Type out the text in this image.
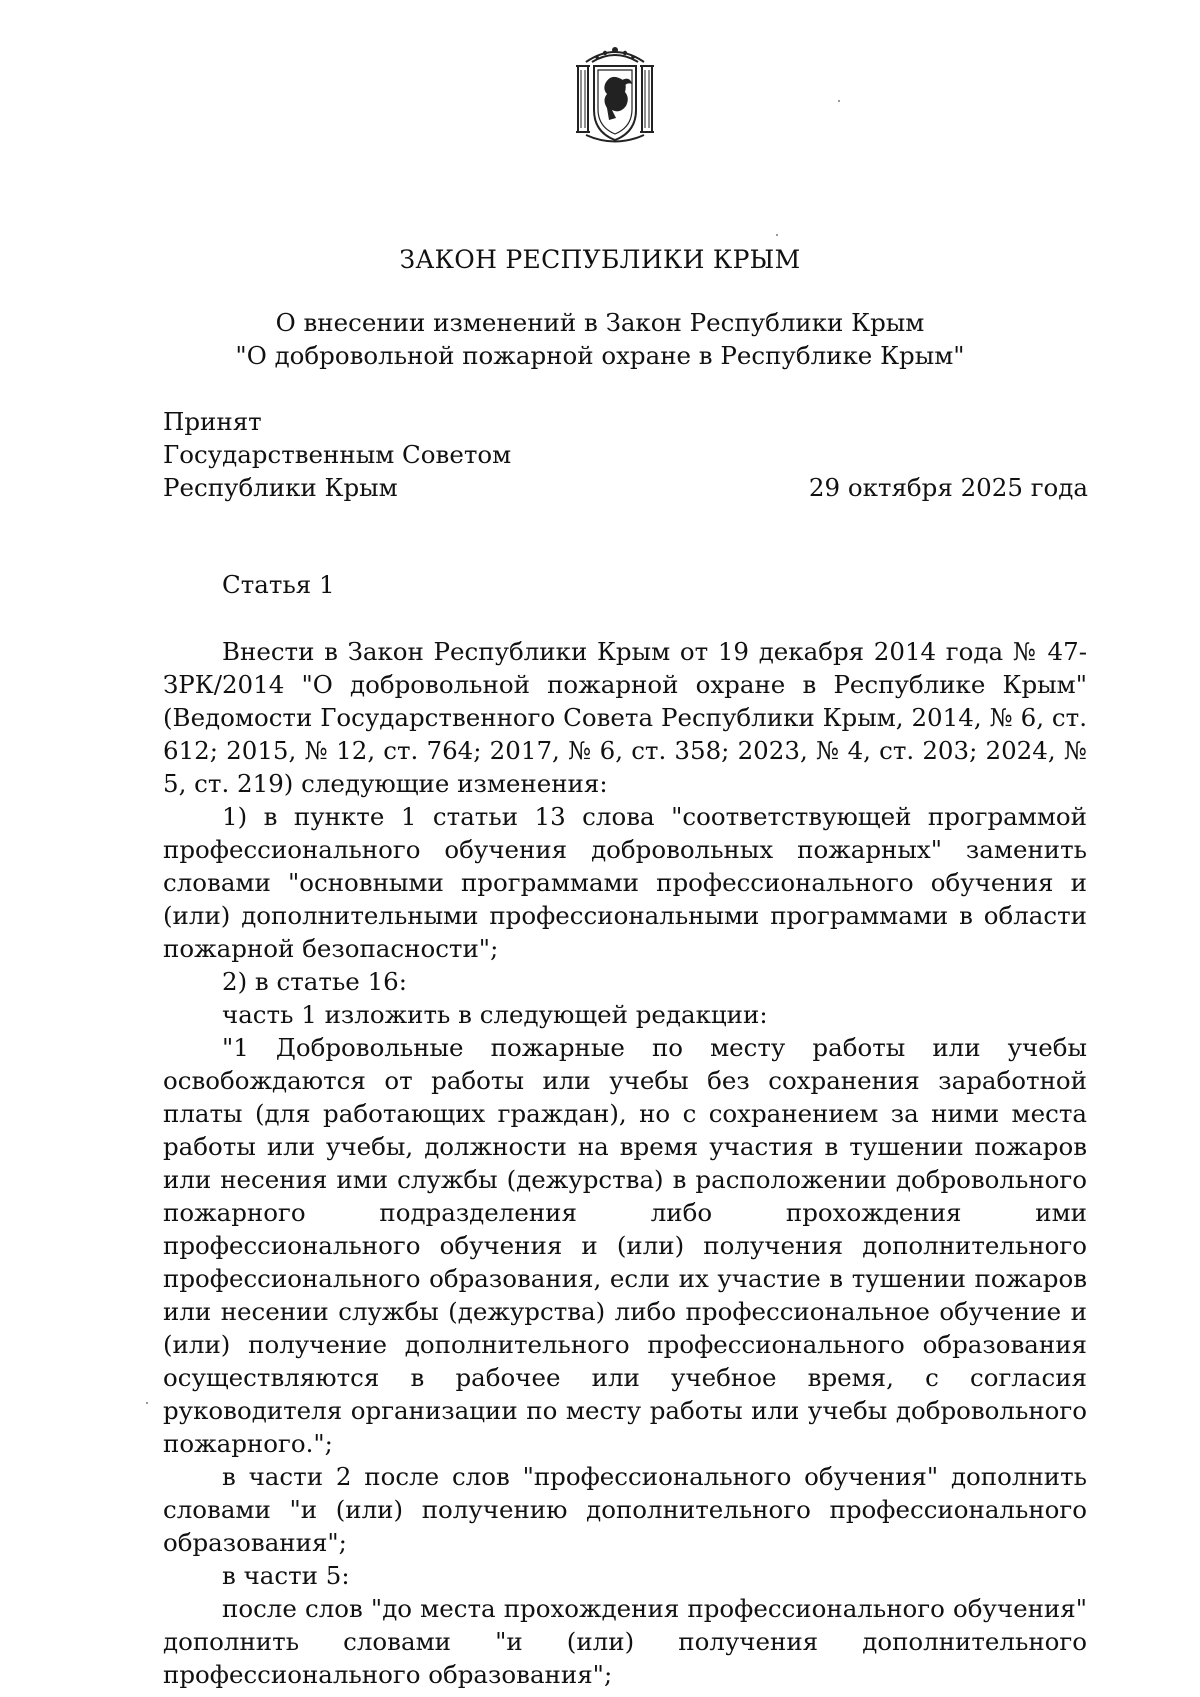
ЗАКОН РЕСПУБЛИКИ КРЫМ
О внесении изменений в Закон Республики Крым
"О добровольной пожарной охране в Республике Крым"
Принят
Государственным Советом
Республики Крым	29 октября 2025 года
Статья 1

Внести в Закон Республики Крым от 19 декабря 2014 года № 47-ЗРК/2014 "О добровольной пожарной охране в Республике Крым" (Ведомости Государственного Совета Республики Крым, 2014, № 6, ст. 612; 2015, № 12, ст. 764; 2017, № 6, ст. 358; 2023, № 4, ст. 203; 2024, № 5, ст. 219) следующие изменения:

1) в пункте 1 статьи 13 слова "соответствующей программой профессионального обучения добровольных пожарных" заменить словами "основными программами профессионального обучения и (или) дополнительными профессиональными программами в области пожарной безопасности";

2) в статье 16:

часть 1 изложить в следующей редакции:

"1 Добровольные пожарные по месту работы или учебы освобождаются от работы или учебы без сохранения заработной платы (для работающих граждан), но с сохранением за ними места работы или учебы, должности на время участия в тушении пожаров или несения ими службы (дежурства) в расположении добровольного пожарного подразделения либо прохождения ими профессионального обучения и (или) получения дополнительного профессионального образования, если их участие в тушении пожаров или несении службы (дежурства) либо профессиональное обучение и (или) получение дополнительного профессионального образования осуществляются в рабочее или учебное время, с согласия руководителя организации по месту работы или учебы добровольного пожарного.";

в части 2 после слов "профессионального обучения" дополнить словами "и (или) получению дополнительного профессионального образования";

в части 5:

после слов "до места прохождения профессионального обучения" дополнить словами "и (или) получения дополнительного профессионального образования";
